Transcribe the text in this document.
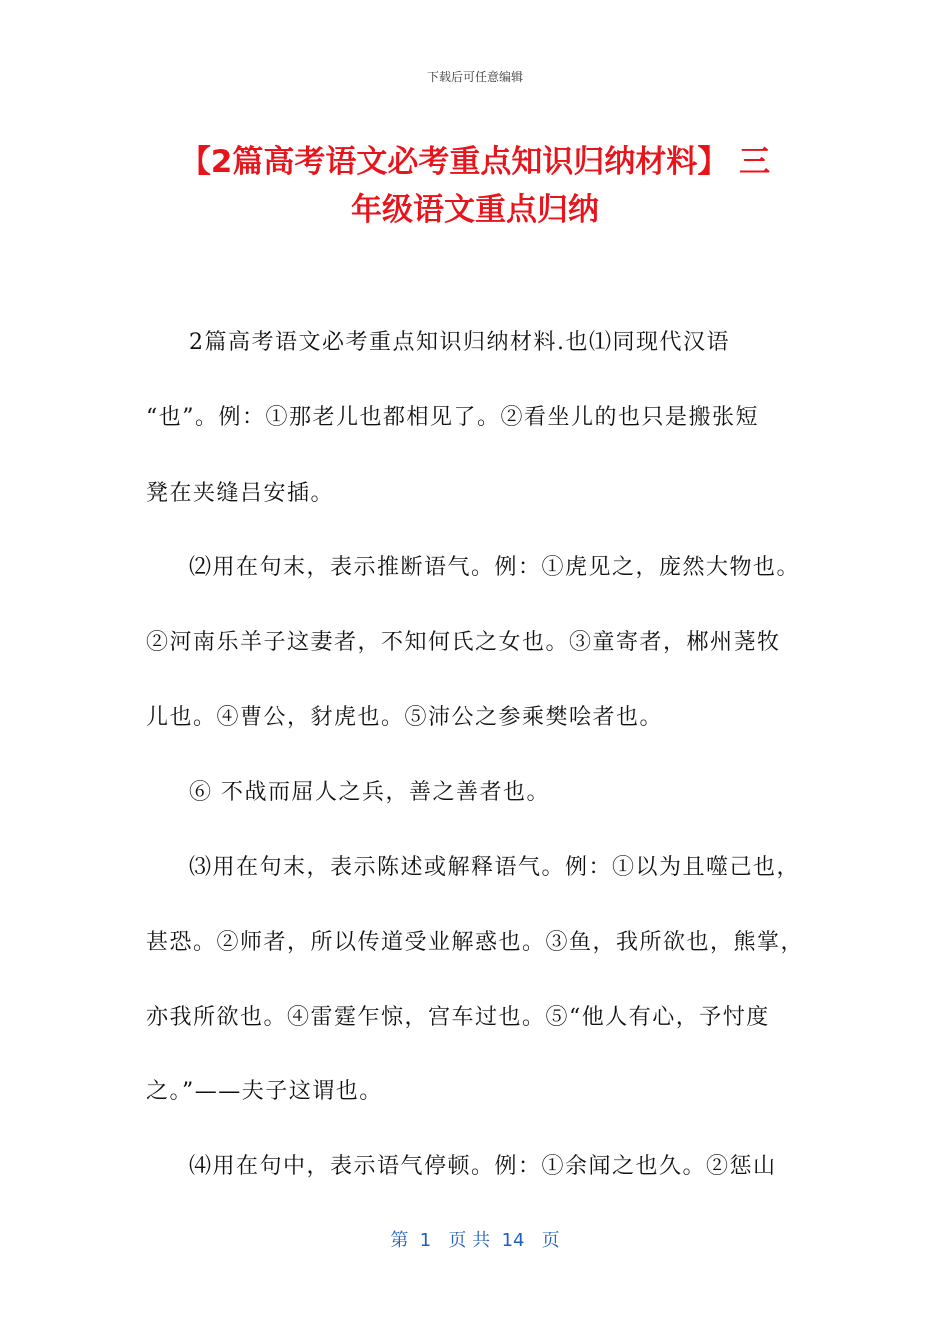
下载后可任意编辑
【2篇高考语文必考重点知识归纳材料】 三
年级语文重点归纳
2篇高考语文必考重点知识归纳材料.也⑴同现代汉语
“也”。例：①那老儿也都相见了。②看坐儿的也只是搬张短
凳在夹缝吕安插。
⑵用在句末，表示推断语气。例：①虎见之，庞然大物也。
②河南乐羊子这妻者，不知何氏之女也。③童寄者，郴州荛牧
儿也。④曹公，豺虎也。⑤沛公之参乘樊哙者也。
⑥ 不战而屈人之兵，善之善者也。
⑶用在句末，表示陈述或解释语气。例：①以为且噬己也，
甚恐。②师者，所以传道受业解惑也。③鱼，我所欲也，熊掌，
亦我所欲也。④雷霆乍惊，宫车过也。⑤“他人有心，予忖度
之。”——夫子这谓也。
⑷用在句中，表示语气停顿。例：①余闻之也久。②惩山
第  1   页 共  14   页
